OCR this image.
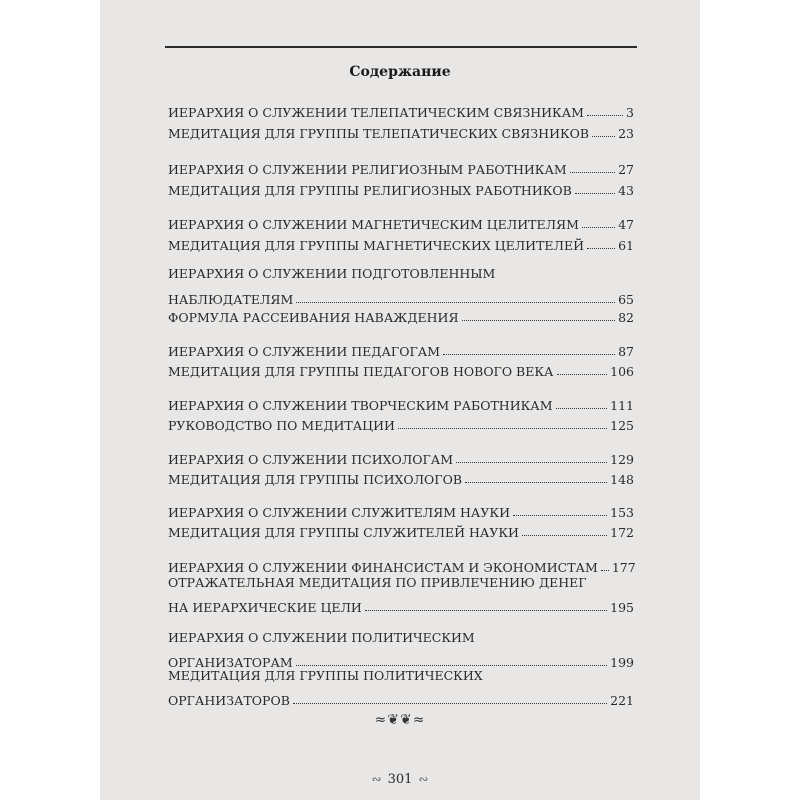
Содержание
ИЕРАРХИЯ О СЛУЖЕНИИ ТЕЛЕПАТИЧЕСКИМ СВЯЗНИКАМ	3
МЕДИТАЦИЯ ДЛЯ ГРУППЫ ТЕЛЕПАТИЧЕСКИХ СВЯЗНИКОВ 23
ИЕРАРХИЯ О СЛУЖЕНИИ РЕЛИГИОЗНЫМ РАБОТНИКАМ	27
МЕДИТАЦИЯ ДЛЯ ГРУППЫ РЕЛИГИОЗНЫХ РАБОТНИКОВ	43
ИЕРАРХИЯ О СЛУЖЕНИИ МАГНЕТИЧЕСКИМ ЦЕЛИТЕЛЯМ	47
МЕДИТАЦИЯ ДЛЯ ГРУППЫ МАГНЕТИЧЕСКИХ ЦЕЛИТЕЛЕЙ	61
ИЕРАРХИЯ О СЛУЖЕНИИ ПОДГОТОВЛЕННЫМ
НАБЛЮДАТЕЛЯМ	65
ФОРМУЛА РАССЕИВАНИЯ НАВАЖДЕНИЯ	82
ИЕРАРХИЯ О СЛУЖЕНИИ ПЕДАГОГАМ	87
МЕДИТАЦИЯ ДЛЯ ГРУППЫ ПЕДАГОГОВ НОВОГО ВЕКА	106
ИЕРАРХИЯ О СЛУЖЕНИИ ТВОРЧЕСКИМ РАБОТНИКАМ	111
РУКОВОДСТВО ПО МЕДИТАЦИИ	125
ИЕРАРХИЯ О СЛУЖЕНИИ ПСИХОЛОГАМ	129
МЕДИТАЦИЯ ДЛЯ ГРУППЫ ПСИХОЛОГОВ	148
ИЕРАРХИЯ О СЛУЖЕНИИ СЛУЖИТЕЛЯМ НАУКИ	153
МЕДИТАЦИЯ ДЛЯ ГРУППЫ СЛУЖИТЕЛЕЙ НАУКИ	172
ИЕРАРХИЯ О СЛУЖЕНИИ ФИНАНСИСТАМ И ЭКОНОМИСТАМ 177
ОТРАЖАТЕЛЬНАЯ МЕДИТАЦИЯ ПО ПРИВЛЕЧЕНИЮ ДЕНЕГ
НА ИЕРАРХИЧЕСКИЕ ЦЕЛИ	195
ИЕРАРХИЯ О СЛУЖЕНИИ ПОЛИТИЧЕСКИМ
ОРГАНИЗАТОРАМ	199
МЕДИТАЦИЯ ДЛЯ ГРУППЫ ПОЛИТИЧЕСКИХ
ОРГАНИЗАТОРОВ	221
≈❦❦≈
∾ 301 ∾
